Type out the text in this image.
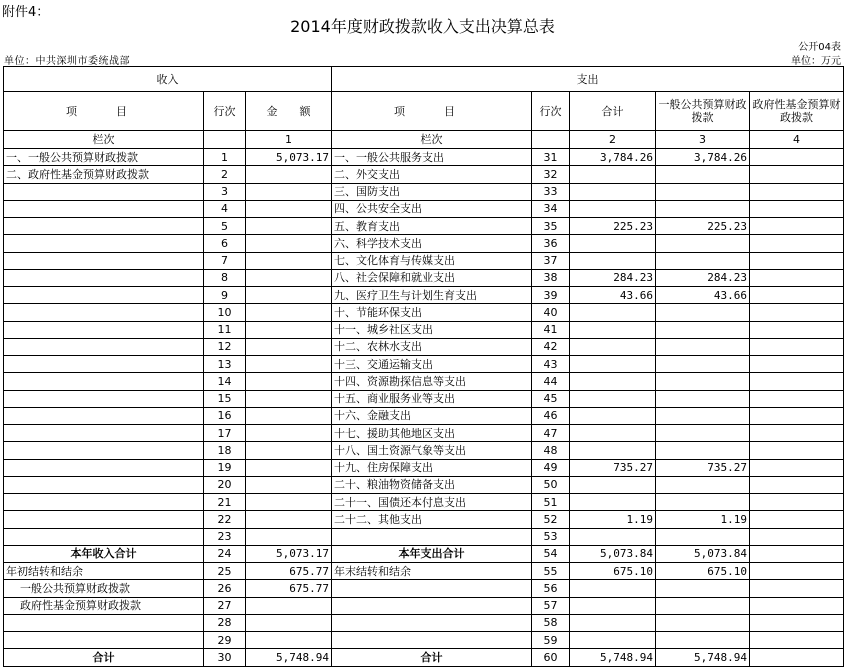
附件4：
2014年度财政拨款收入支出决算总表
公开04表
单位：中共深圳市委统战部	单位：万元
收入			支出				
项　目	行次	金　　额	项　目	行次	合计	一般公共预算财政拨款	政府性基金预算财政拨款
栏次		1	栏次		2	3	4
一、一般公共预算财政拨款	1	5,073.17	一、一般公共服务支出	31	3,784.26	3,784.26	
二、政府性基金预算财政拨款	2		二、外交支出	32			
	3		三、国防支出	33			
	4		四、公共安全支出	34			
	5		五、教育支出	35	225.23	225.23	
	6		六、科学技术支出	36			
	7		七、文化体育与传媒支出	37			
	8		八、社会保障和就业支出	38	284.23	284.23	
	9		九、医疗卫生与计划生育支出	39	43.66	43.66	
	10		十、节能环保支出	40			
	11		十一、城乡社区支出	41			
	12		十二、农林水支出	42			
	13		十三、交通运输支出	43			
	14		十四、资源勘探信息等支出	44			
	15		十五、商业服务业等支出	45			
	16		十六、金融支出	46			
	17		十七、援助其他地区支出	47			
	18		十八、国土资源气象等支出	48			
	19		十九、住房保障支出	49	735.27	735.27	
	20		二十、粮油物资储备支出	50			
	21		二十一、国债还本付息支出	51			
	22		二十二、其他支出	52	1.19	1.19	
	23			53			
本年收入合计	24	5,073.17	本年支出合计	54	5,073.84	5,073.84	
年初结转和结余	25	675.77	年末结转和结余	55	675.10	675.10	
一般公共预算财政拨款	26	675.77		56			
政府性基金预算财政拨款	27			57			
	28			58			
	29			59			
合计	30	5,748.94	合计	60	5,748.94	5,748.94	
